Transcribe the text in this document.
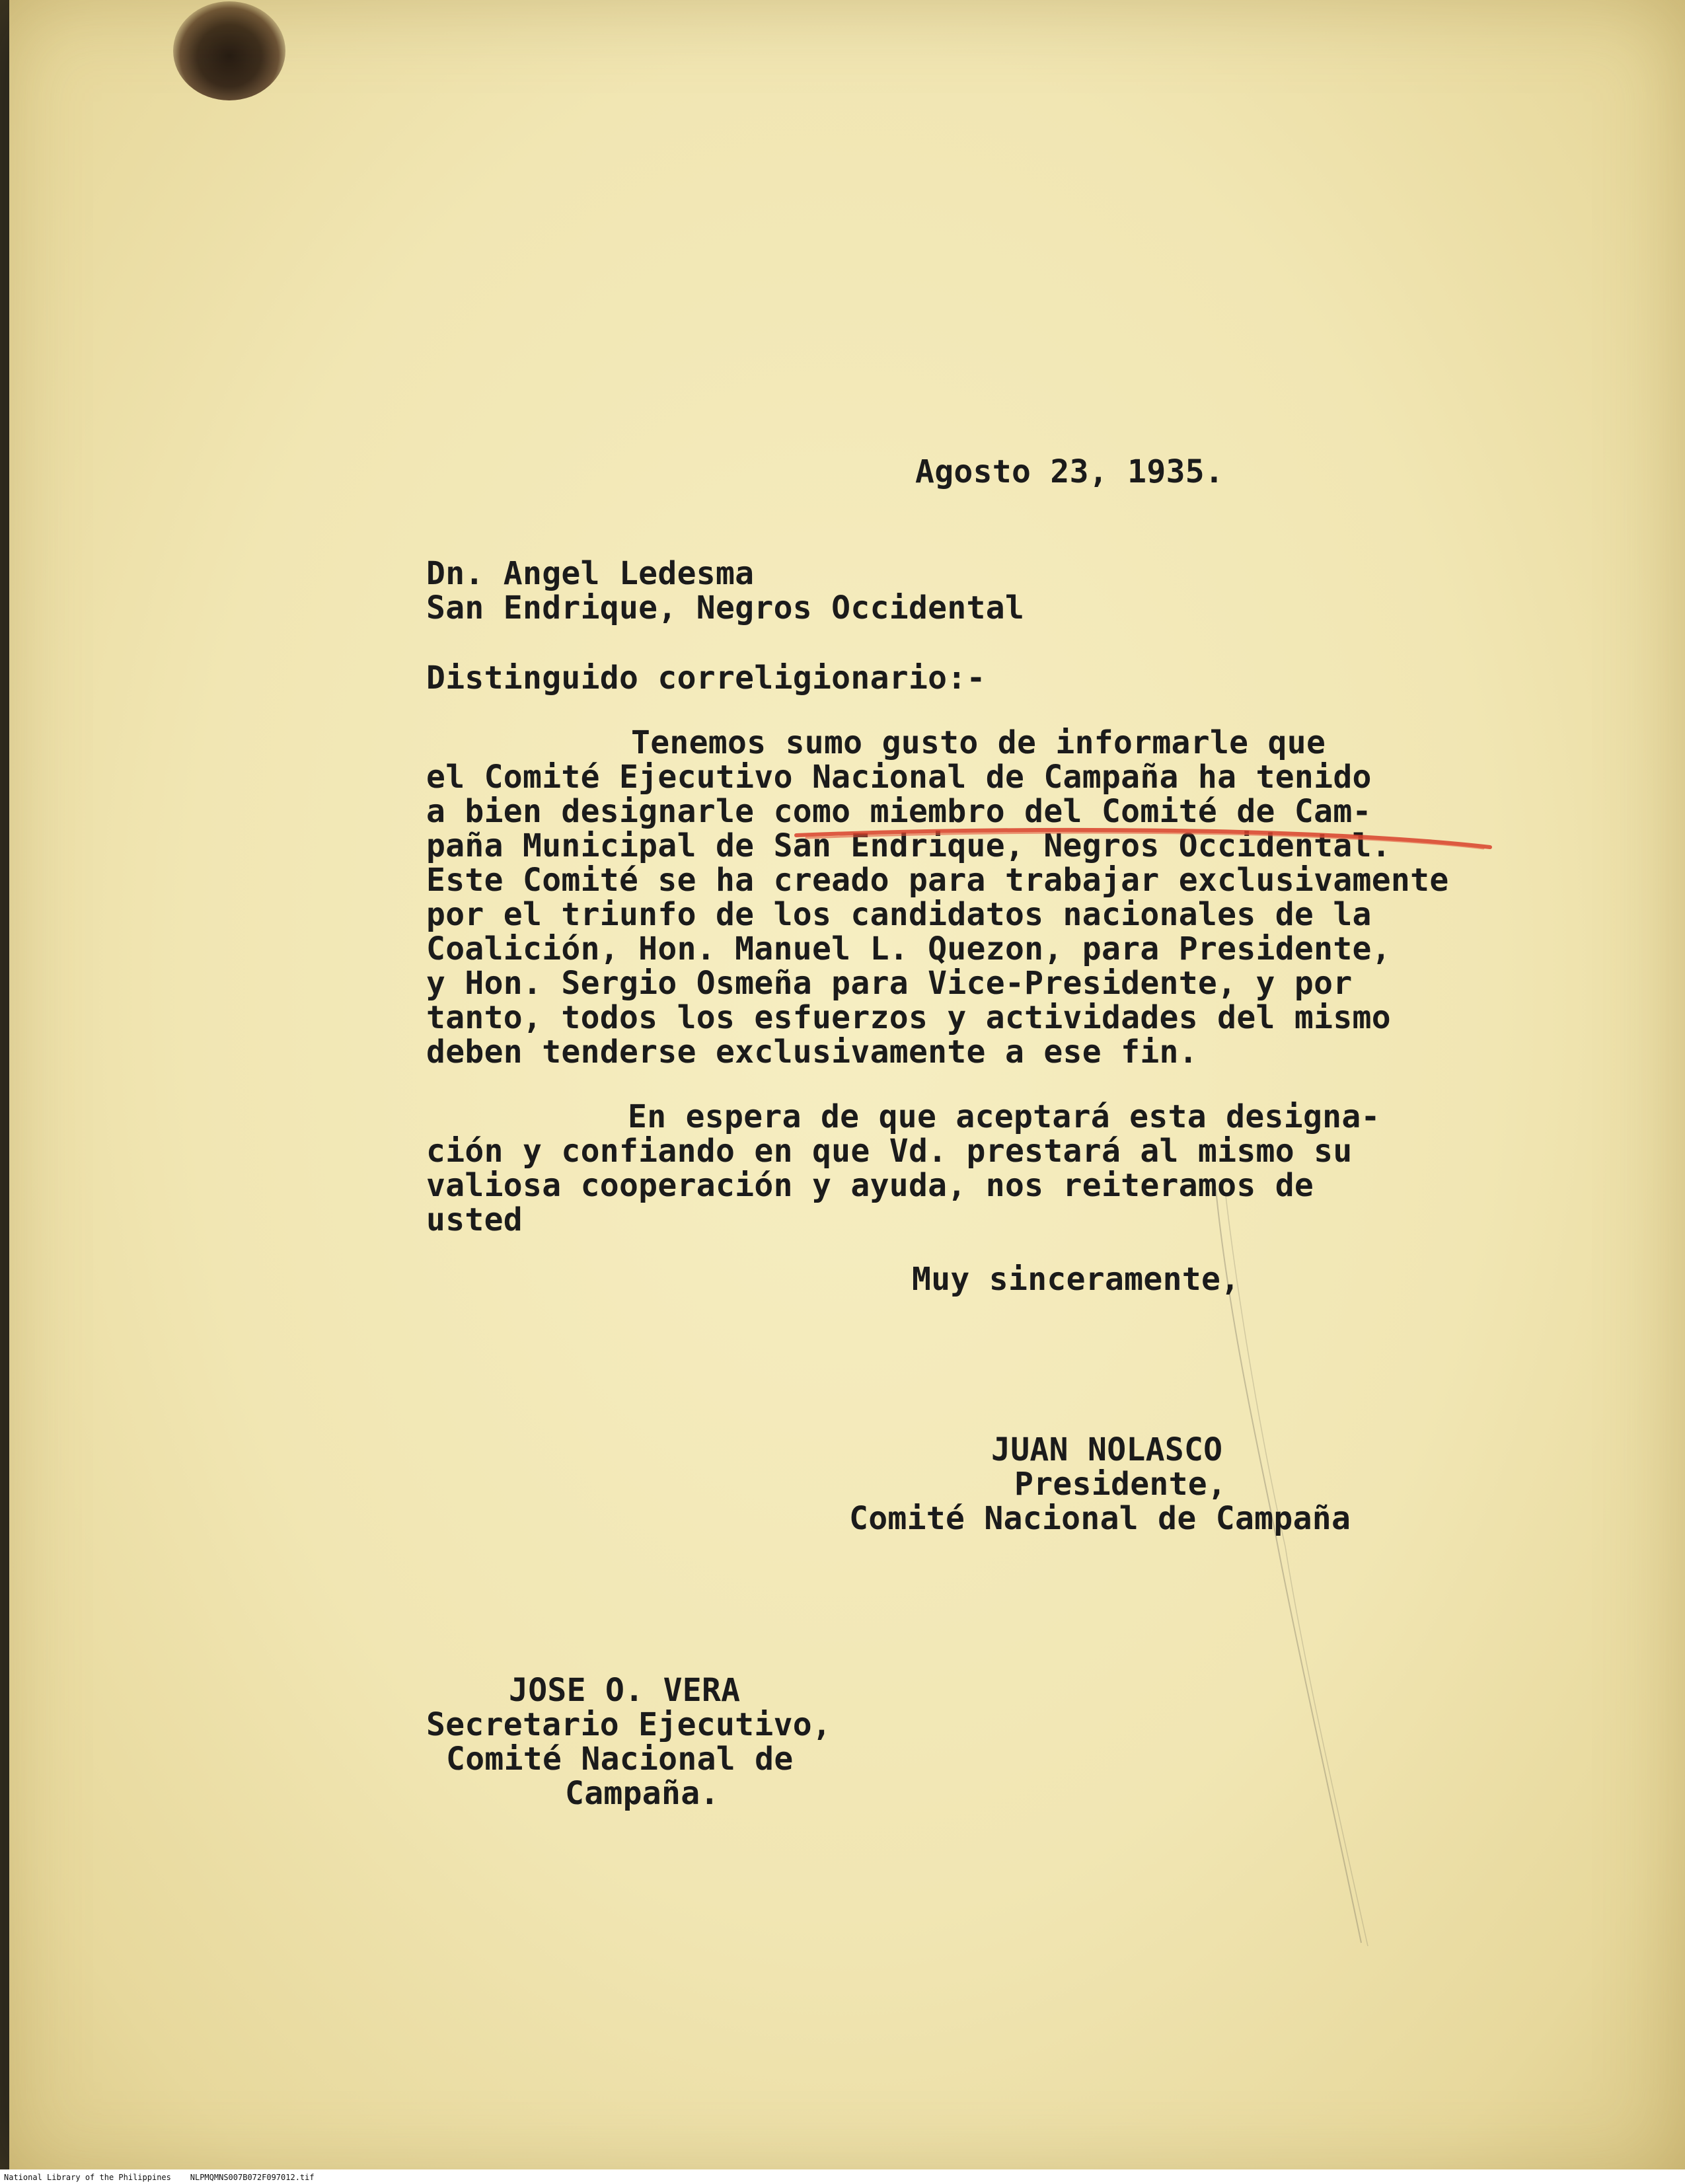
Agosto 23, 1935.

Dn. Angel Ledesma

San Endrique, Negros Occidental

Distinguido correligionario:-

Tenemos sumo gusto de informarle que

el Comité Ejecutivo Nacional de Campaña ha tenido

a bien designarle como miembro del Comité de Cam-

paña Municipal de San Endrique, Negros Occidental.

Este Comité se ha creado para trabajar exclusivamente

por el triunfo de los candidatos nacionales de la

Coalición, Hon. Manuel L. Quezon, para Presidente,

y Hon. Sergio Osmeña para Vice-Presidente, y por

tanto, todos los esfuerzos y actividades del mismo

deben tenderse exclusivamente a ese fin.

En espera de que aceptará esta designa-

ción y confiando en que Vd. prestará al mismo su

valiosa cooperación y ayuda, nos reiteramos de

usted

Muy sinceramente,

JUAN NOLASCO

Presidente,

Comité Nacional de Campaña

JOSE O. VERA

Secretario Ejecutivo,

Comité Nacional de

Campaña.

National Library of the Philippines    NLPMQMNS007B072F097012.tif
